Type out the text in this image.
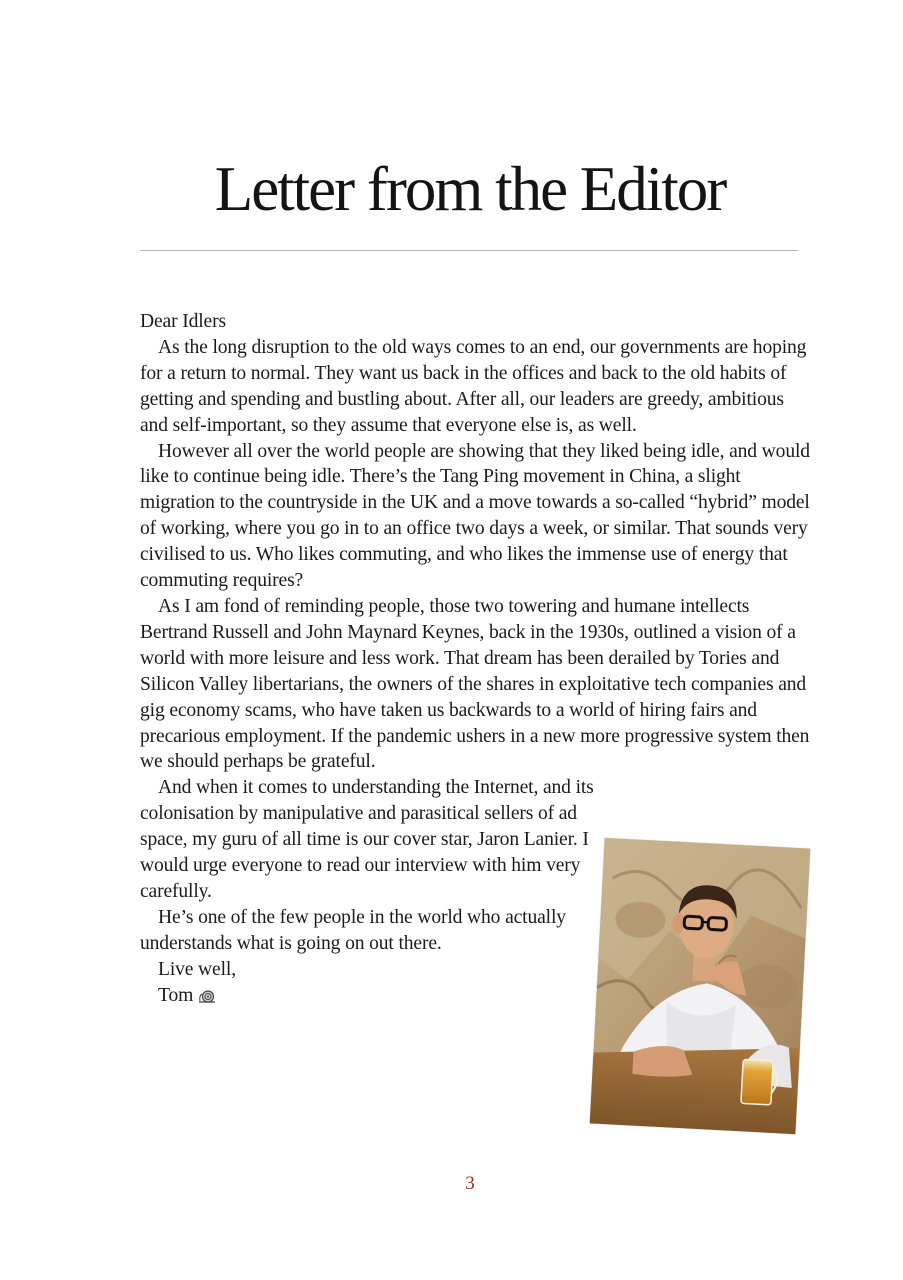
Letter from the Editor

Dear Idlers

As the long disruption to the old ways comes to an end, our governments are hoping for a return to normal. They want us back in the offices and back to the old habits of getting and spending and bustling about. After all, our leaders are greedy, ambitious and self-important, so they assume that everyone else is, as well.

However all over the world people are showing that they liked being idle, and would like to continue being idle. There’s the Tang Ping movement in China, a slight migration to the countryside in the UK and a move towards a so-called “hybrid” model of working, where you go in to an office two days a week, or similar. That sounds very civilised to us. Who likes commuting, and who likes the immense use of energy that commuting requires?

As I am fond of reminding people, those two towering and humane intellects Bertrand Russell and John Maynard Keynes, back in the 1930s, outlined a vision of a world with more leisure and less work. That dream has been derailed by Tories and Silicon Valley libertarians, the owners of the shares in exploitative tech companies and gig economy scams, who have taken us backwards to a world of hiring fairs and precarious employment. If the pandemic ushers in a new more progressive system then we should perhaps be grateful.

And when it comes to understanding the Internet, and its colonisation by manipulative and parasitical sellers of ad space, my guru of all time is our cover star, Jaron Lanier. I would urge everyone to read our interview with him very carefully.

He’s one of the few people in the world who actually understands what is going on out there.

Live well,

Tom

3
